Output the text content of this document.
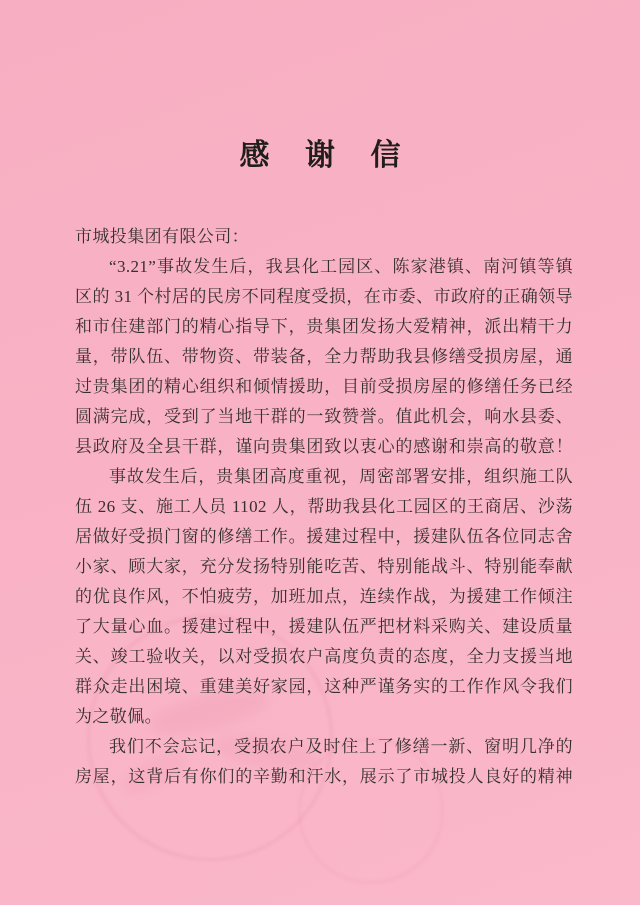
感 谢 信
市城投集团有限公司：
“3.21”事故发生后，我县化工园区、陈家港镇、南河镇等镇
区的 31 个村居的民房不同程度受损，在市委、市政府的正确领导
和市住建部门的精心指导下，贵集团发扬大爱精神，派出精干力
量，带队伍、带物资、带装备，全力帮助我县修缮受损房屋，通
过贵集团的精心组织和倾情援助，目前受损房屋的修缮任务已经
圆满完成，受到了当地干群的一致赞誉。值此机会，响水县委、
县政府及全县干群，谨向贵集团致以衷心的感谢和崇高的敬意！
事故发生后，贵集团高度重视，周密部署安排，组织施工队
伍 26 支、施工人员 1102 人，帮助我县化工园区的王商居、沙荡
居做好受损门窗的修缮工作。援建过程中，援建队伍各位同志舍
小家、顾大家，充分发扬特别能吃苦、特别能战斗、特别能奉献
的优良作风，不怕疲劳，加班加点，连续作战，为援建工作倾注
了大量心血。援建过程中，援建队伍严把材料采购关、建设质量
关、竣工验收关，以对受损农户高度负责的态度，全力支援当地
群众走出困境、重建美好家园，这种严谨务实的工作作风令我们
为之敬佩。
我们不会忘记，受损农户及时住上了修缮一新、窗明几净的
房屋，这背后有你们的辛勤和汗水，展示了市城投人良好的精神
